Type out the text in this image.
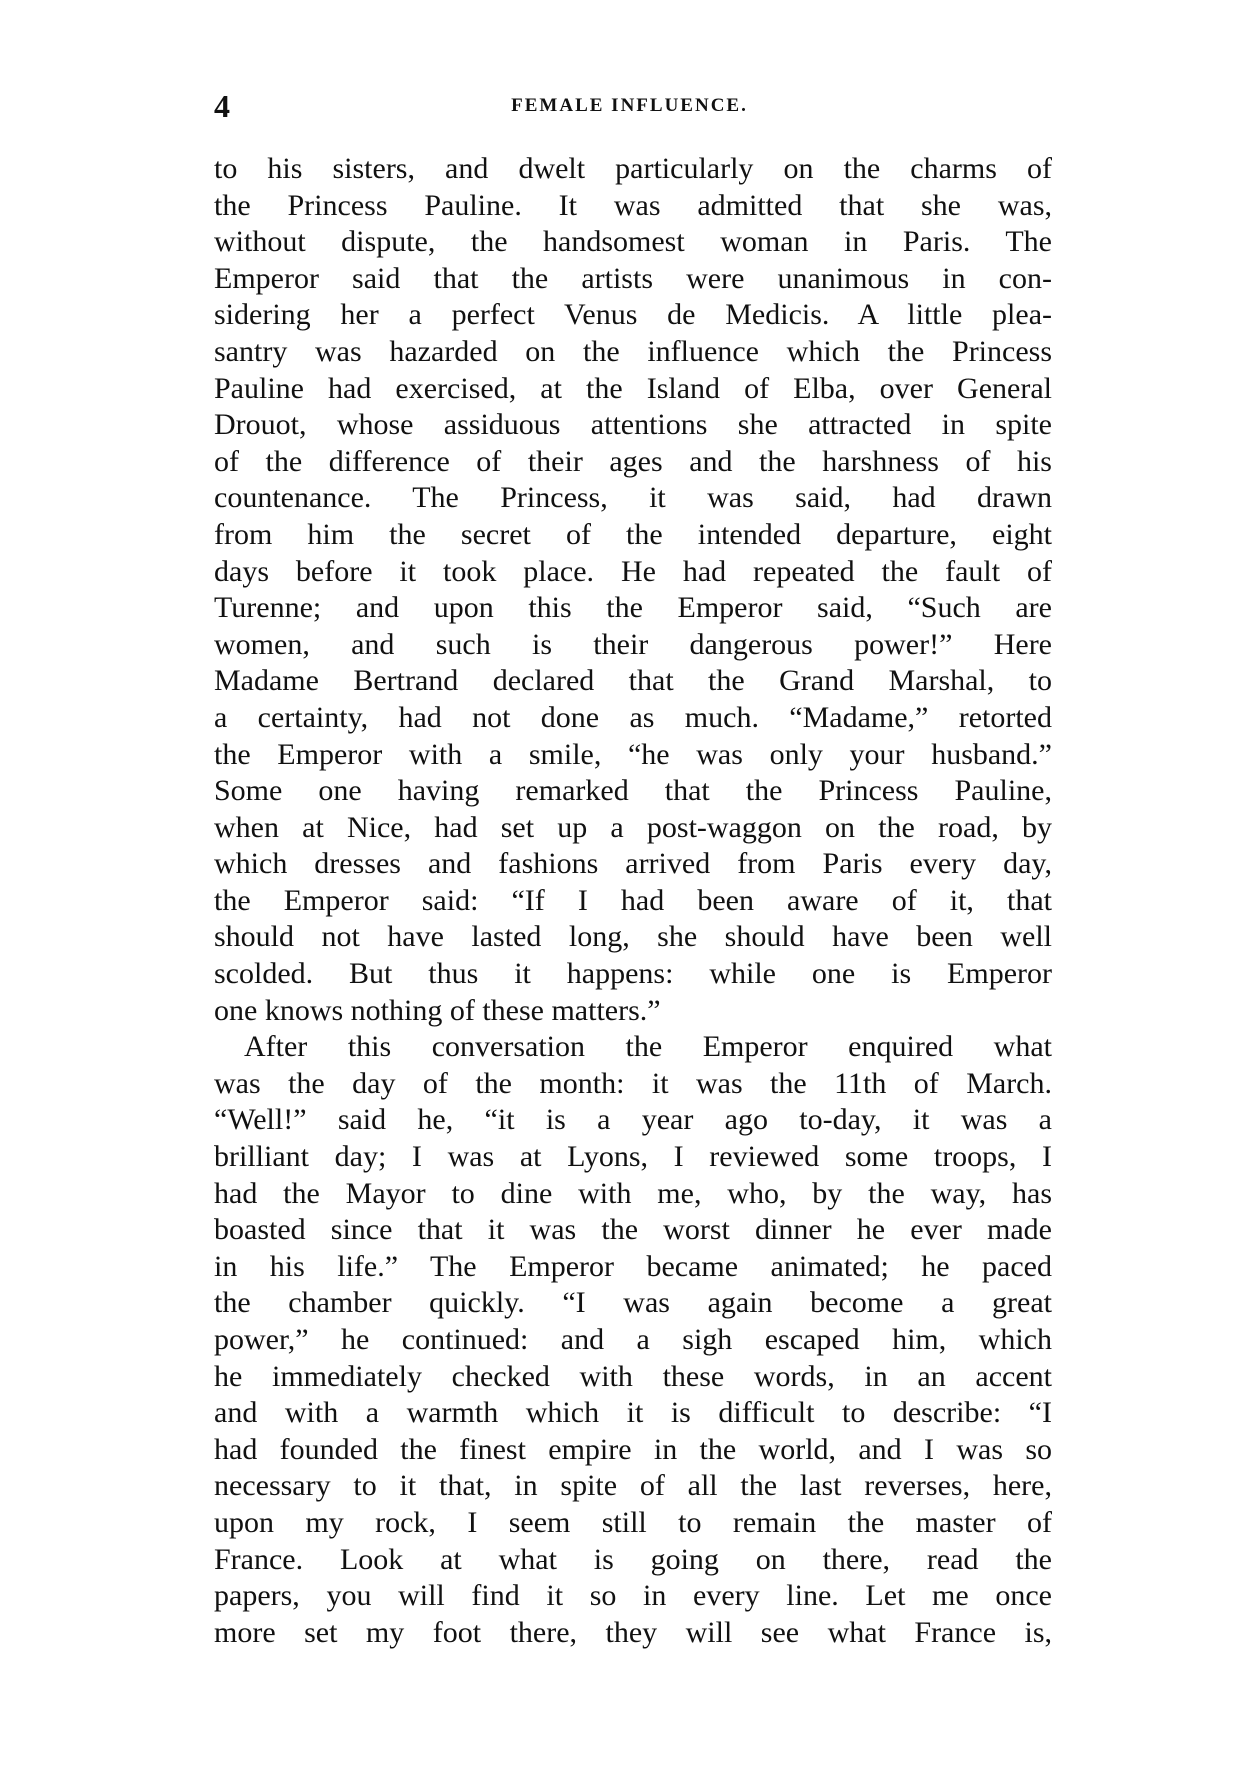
4	FEMALE INFLUENCE.
to his sisters, and dwelt particularly on the charms of
the Princess Pauline. It was admitted that she was,
without dispute, the handsomest woman in Paris. The
Emperor said that the artists were unanimous in con-
sidering her a perfect Venus de Medicis. A little plea-
santry was hazarded on the influence which the Princess
Pauline had exercised, at the Island of Elba, over General
Drouot, whose assiduous attentions she attracted in spite
of the difference of their ages and the harshness of his
countenance. The Princess, it was said, had drawn
from him the secret of the intended departure, eight
days before it took place. He had repeated the fault of
Turenne; and upon this the Emperor said, “Such are
women, and such is their dangerous power!” Here
Madame Bertrand declared that the Grand Marshal, to
a certainty, had not done as much. “Madame,” retorted
the Emperor with a smile, “he was only your husband.”
Some one having remarked that the Princess Pauline,
when at Nice, had set up a post-waggon on the road, by
which dresses and fashions arrived from Paris every day,
the Emperor said: “If I had been aware of it, that
should not have lasted long, she should have been well
scolded. But thus it happens: while one is Emperor
one knows nothing of these matters.”
After this conversation the Emperor enquired what
was the day of the month: it was the 11th of March.
“Well!” said he, “it is a year ago to-day, it was a
brilliant day; I was at Lyons, I reviewed some troops, I
had the Mayor to dine with me, who, by the way, has
boasted since that it was the worst dinner he ever made
in his life.” The Emperor became animated; he paced
the chamber quickly. “I was again become a great
power,” he continued: and a sigh escaped him, which
he immediately checked with these words, in an accent
and with a warmth which it is difficult to describe: “I
had founded the finest empire in the world, and I was so
necessary to it that, in spite of all the last reverses, here,
upon my rock, I seem still to remain the master of
France. Look at what is going on there, read the
papers, you will find it so in every line. Let me once
more set my foot there, they will see what France is,
